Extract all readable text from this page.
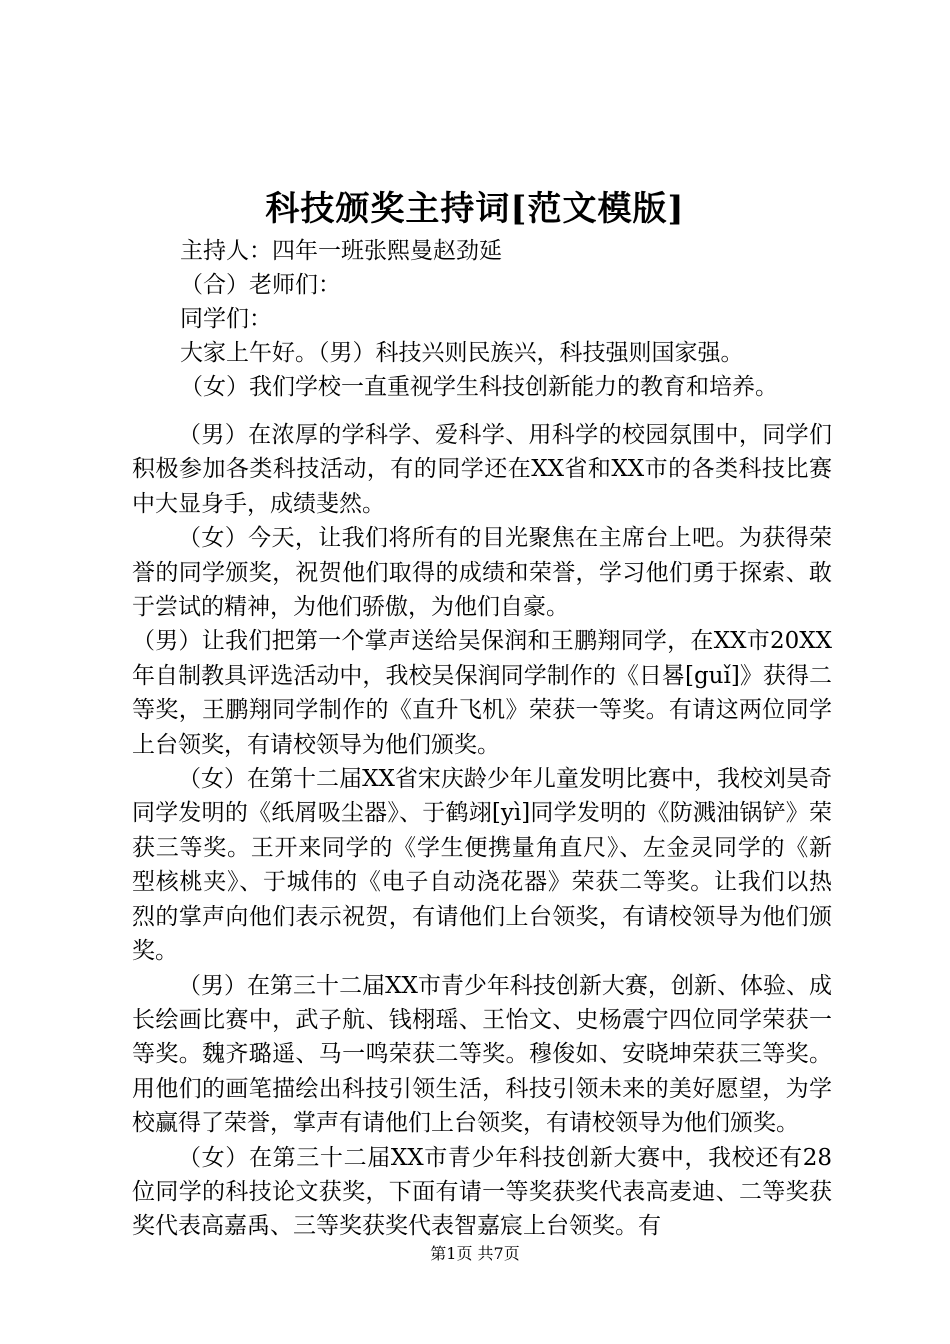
科技颁奖主持词[范文模版]

主持人：四年一班张熙曼赵劲延

（合）老师们：

同学们：

大家上午好。（男）科技兴则民族兴，科技强则国家强。

（女）我们学校一直重视学生科技创新能力的教育和培养。

（男）在浓厚的学科学、爱科学、用科学的校园氛围中，同学们积极参加各类科技活动，有的同学还在XX省和XX市的各类科技比赛中大显身手，成绩斐然。

（女）今天，让我们将所有的目光聚焦在主席台上吧。为获得荣誉的同学颁奖，祝贺他们取得的成绩和荣誉，学习他们勇于探索、敢于尝试的精神，为他们骄傲，为他们自豪。

（男）让我们把第一个掌声送给吴保润和王鹏翔同学，在XX市20XX年自制教具评选活动中，我校吴保润同学制作的《日晷[guǐ]》获得二等奖，王鹏翔同学制作的《直升飞机》荣获一等奖。有请这两位同学上台领奖，有请校领导为他们颁奖。

（女）在第十二届XX省宋庆龄少年儿童发明比赛中，我校刘昊奇同学发明的《纸屑吸尘器》、于鹤翊[yì]同学发明的《防溅油锅铲》荣获三等奖。王开来同学的《学生便携量角直尺》、左金灵同学的《新型核桃夹》、于城伟的《电子自动浇花器》荣获二等奖。让我们以热烈的掌声向他们表示祝贺，有请他们上台领奖，有请校领导为他们颁奖。

（男）在第三十二届XX市青少年科技创新大赛，创新、体验、成长绘画比赛中，武子航、钱栩瑶、王怡文、史杨震宁四位同学荣获一等奖。魏齐璐遥、马一鸣荣获二等奖。穆俊如、安晓坤荣获三等奖。用他们的画笔描绘出科技引领生活，科技引领未来的美好愿望，为学校赢得了荣誉，掌声有请他们上台领奖，有请校领导为他们颁奖。

（女）在第三十二届XX市青少年科技创新大赛中，我校还有28位同学的科技论文获奖，下面有请一等奖获奖代表高麦迪、二等奖获奖代表高嘉禹、三等奖获奖代表智嘉宸上台领奖。有

第1页 共7页
